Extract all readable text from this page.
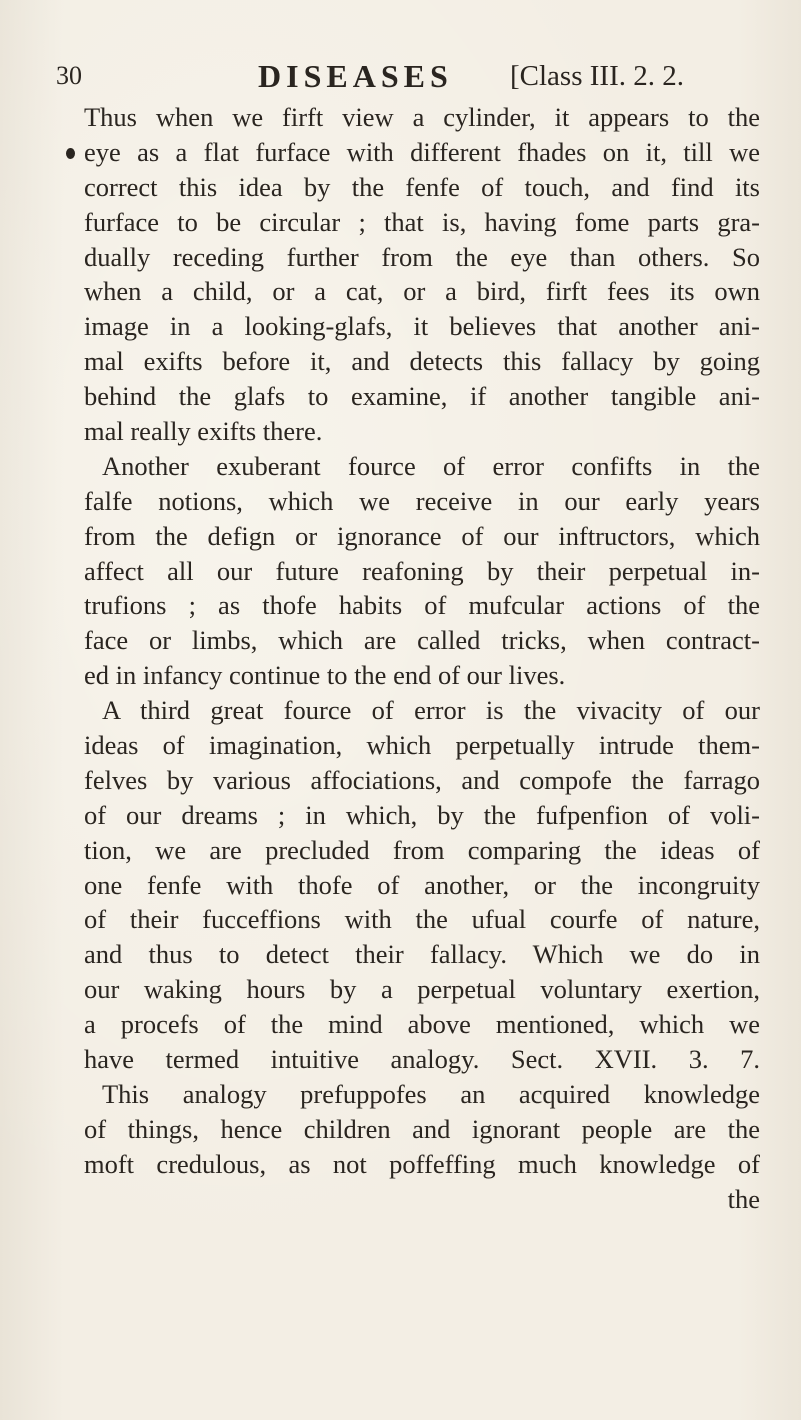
30	DISEASES [Class III. 2. 2.
Thus when we firft view a cylinder, it appears to the
eye as a flat furface with different fhades on it, till we
correct this idea by the fenfe of touch, and find its
furface to be circular ; that is, having fome parts gra-
dually receding further from the eye than others. So
when a child, or a cat, or a bird, firft fees its own
image in a looking-glafs, it believes that another ani-
mal exifts before it, and detects this fallacy by going
behind the glafs to examine, if another tangible ani-
mal really exifts there.
Another exuberant fource of error confifts in the
falfe notions, which we receive in our early years
from the defign or ignorance of our inftructors, which
affect all our future reafoning by their perpetual in-
trufions ; as thofe habits of mufcular actions of the
face or limbs, which are called tricks, when contract-
ed in infancy continue to the end of our lives.
A third great fource of error is the vivacity of our
ideas of imagination, which perpetually intrude them-
felves by various affociations, and compofe the farrago
of our dreams ; in which, by the fufpenfion of voli-
tion, we are precluded from comparing the ideas of
one fenfe with thofe of another, or the incongruity
of their fucceffions with the ufual courfe of nature,
and thus to detect their fallacy. Which we do in
our waking hours by a perpetual voluntary exertion,
a procefs of the mind above mentioned, which we
have termed intuitive analogy. Sect. XVII. 3. 7.
This analogy prefuppofes an acquired knowledge
of things, hence children and ignorant people are the
moft credulous, as not poffeffing much knowledge of
the
